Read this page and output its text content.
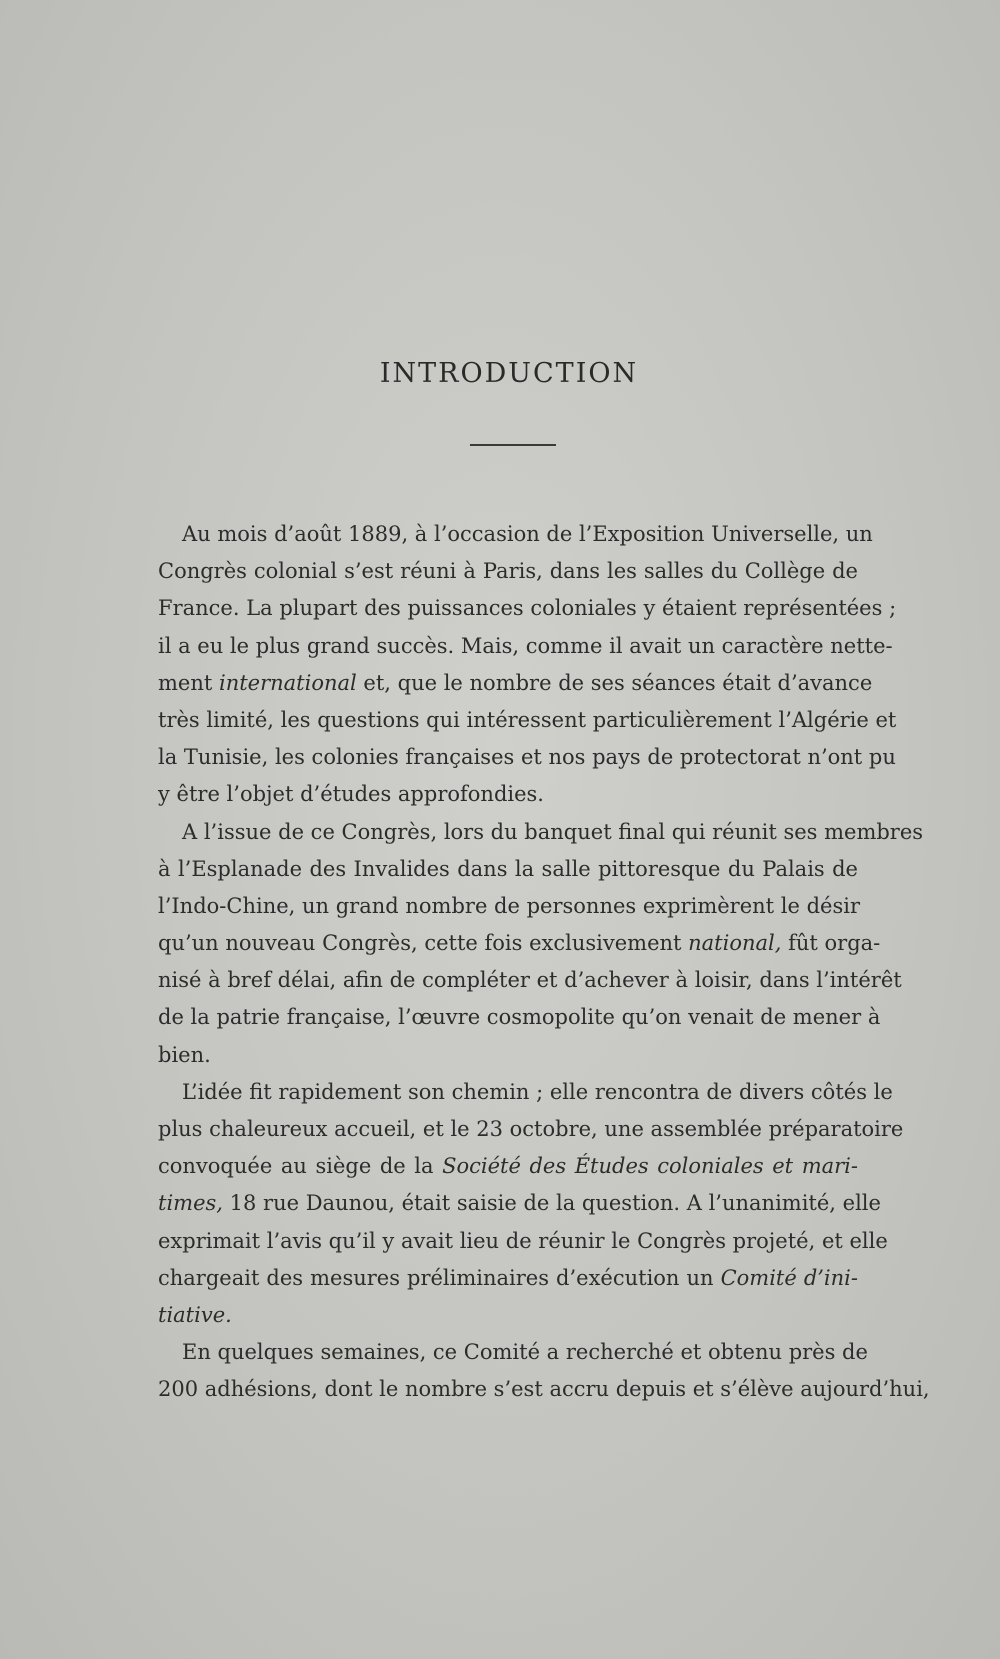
INTRODUCTION
Au mois d’août 1889, à l’occasion de l’Exposition Universelle, un
Congrès colonial s’est réuni à Paris, dans les salles du Collège de
France. La plupart des puissances coloniales y étaient représentées ;
il a eu le plus grand succès. Mais, comme il avait un caractère nette-
ment international et, que le nombre de ses séances était d’avance
très limité, les questions qui intéressent particulièrement l’Algérie et
la Tunisie, les colonies françaises et nos pays de protectorat n’ont pu
y être l’objet d’études approfondies.
A l’issue de ce Congrès, lors du banquet final qui réunit ses membres
à l’Esplanade des Invalides dans la salle pittoresque du Palais de
l’Indo-Chine, un grand nombre de personnes exprimèrent le désir
qu’un nouveau Congrès, cette fois exclusivement national, fût orga-
nisé à bref délai, afin de compléter et d’achever à loisir, dans l’intérêt
de la patrie française, l’œuvre cosmopolite qu’on venait de mener à
bien.
L’idée fit rapidement son chemin ; elle rencontra de divers côtés le
plus chaleureux accueil, et le 23 octobre, une assemblée préparatoire
convoquée au siège de la Société des Études coloniales et mari-
times, 18 rue Daunou, était saisie de la question. A l’unanimité, elle
exprimait l’avis qu’il y avait lieu de réunir le Congrès projeté, et elle
chargeait des mesures préliminaires d’exécution un Comité d’ini-
tiative.
En quelques semaines, ce Comité a recherché et obtenu près de
200 adhésions, dont le nombre s’est accru depuis et s’élève aujourd’hui,
